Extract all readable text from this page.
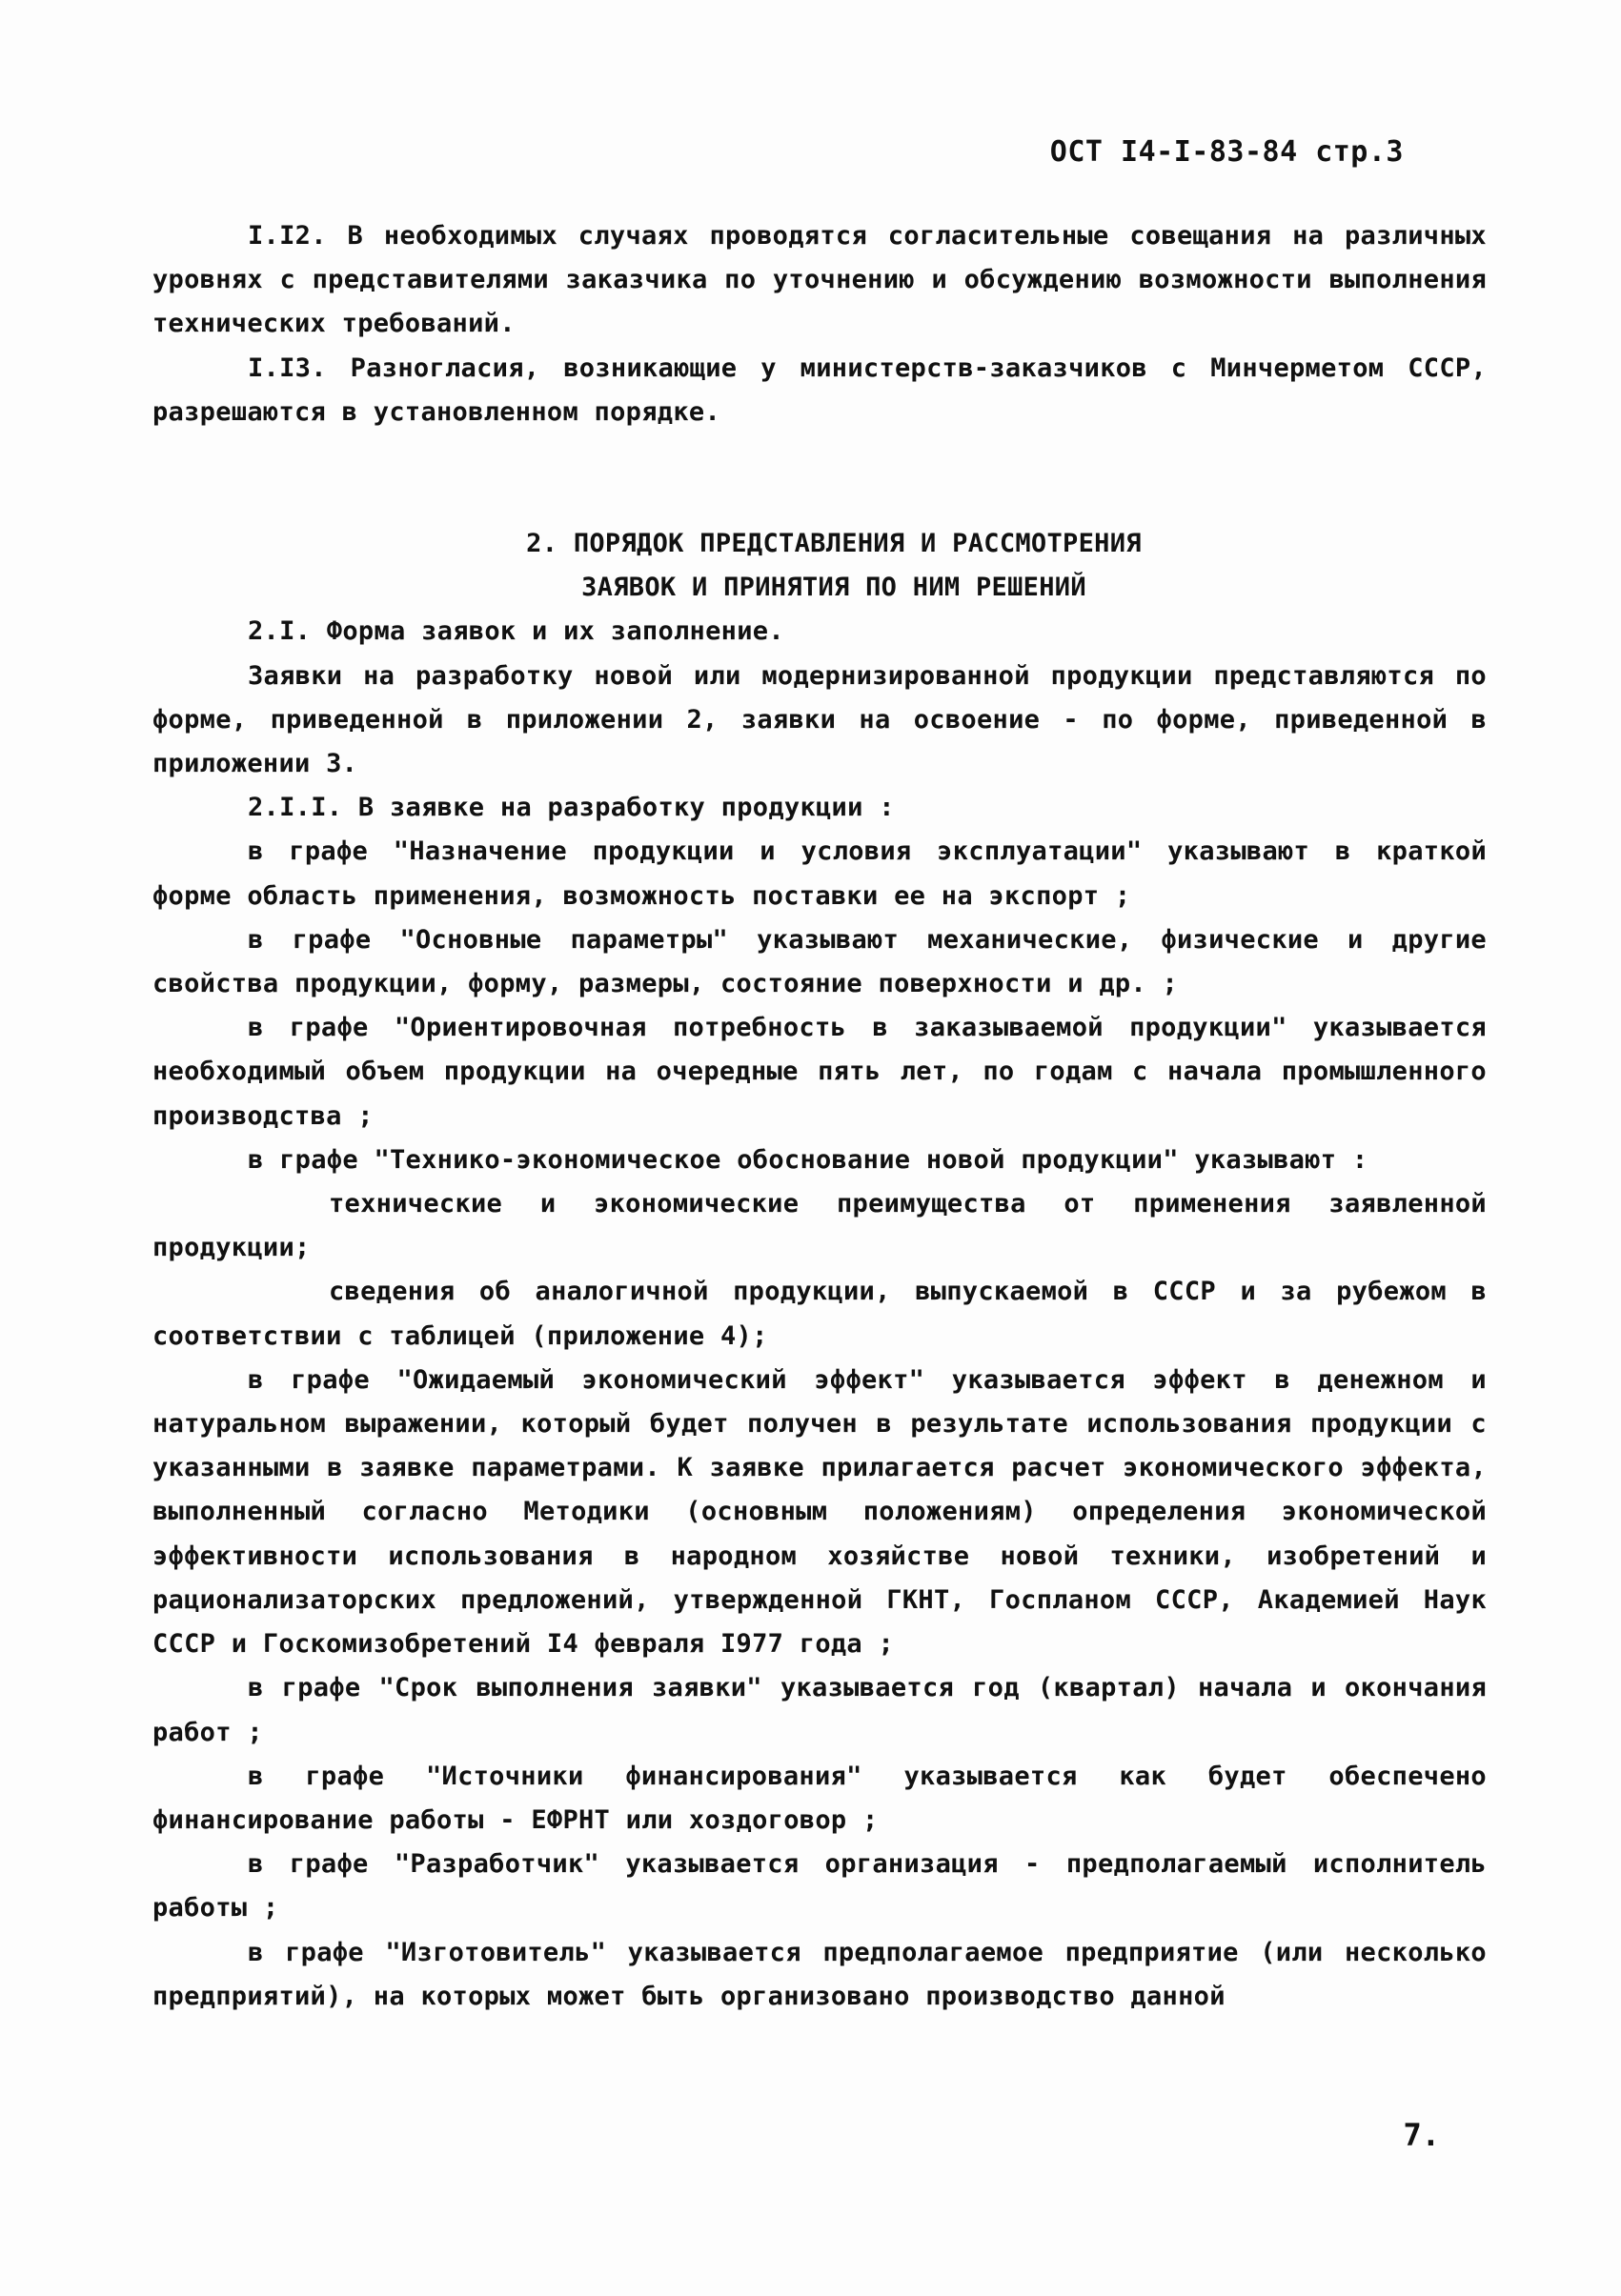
ОСТ I4-I-83-84 стр.3

I.I2. В необходимых случаях проводятся согласительные совещания на различных уровнях с представителями заказчика по уточнению и обсуждению возможности выполнения технических требований.

I.I3. Разногласия, возникающие у министерств-заказчиков с Минчерметом СССР, разрешаются в установленном порядке.

2. ПОРЯДОК ПРЕДСТАВЛЕНИЯ И РАССМОТРЕНИЯ

ЗАЯВОК И ПРИНЯТИЯ ПО НИМ РЕШЕНИЙ

2.I. Форма заявок и их заполнение.

Заявки на разработку новой или модернизированной продукции представляются по форме, приведенной в приложении 2, заявки на освоение - по форме, приведенной в приложении 3.

2.I.I. В заявке на разработку продукции :

в графе "Назначение продукции и условия эксплуатации" указывают в краткой форме область применения, возможность поставки ее на экспорт ;

в графе "Основные параметры" указывают механические, физические и другие свойства продукции, форму, размеры, состояние поверхности и др. ;

в графе "Ориентировочная потребность в заказываемой продукции" указывается необходимый объем продукции на очередные пять лет, по годам с начала промышленного производства ;

в графе "Технико-экономическое обоснование новой продукции" указывают :

технические и экономические преимущества от применения заявленной продукции;

сведения об аналогичной продукции, выпускаемой в СССР и за рубежом в соответствии с таблицей (приложение 4);

в графе "Ожидаемый экономический эффект" указывается эффект в денежном и натуральном выражении, который будет получен в результате использования продукции с указанными в заявке параметрами. К заявке прилагается расчет экономического эффекта, выполненный согласно Методики (основным положениям) определения экономической эффективности использования в народном хозяйстве новой техники, изобретений и рационализаторских предложений, утвержденной ГКНТ, Госпланом СССР, Академией Наук СССР и Госкомизобретений I4 февраля I977 года ;

в графе "Срок выполнения заявки" указывается год (квартал) начала и окончания работ ;

в графе "Источники финансирования" указывается как будет обеспечено финансирование работы - ЕФРНТ или хоздоговор ;

в графе "Разработчик" указывается организация - предполагаемый исполнитель работы ;

в графе "Изготовитель" указывается предполагаемое предприятие (или несколько предприятий), на которых может быть организовано производство данной

7.
